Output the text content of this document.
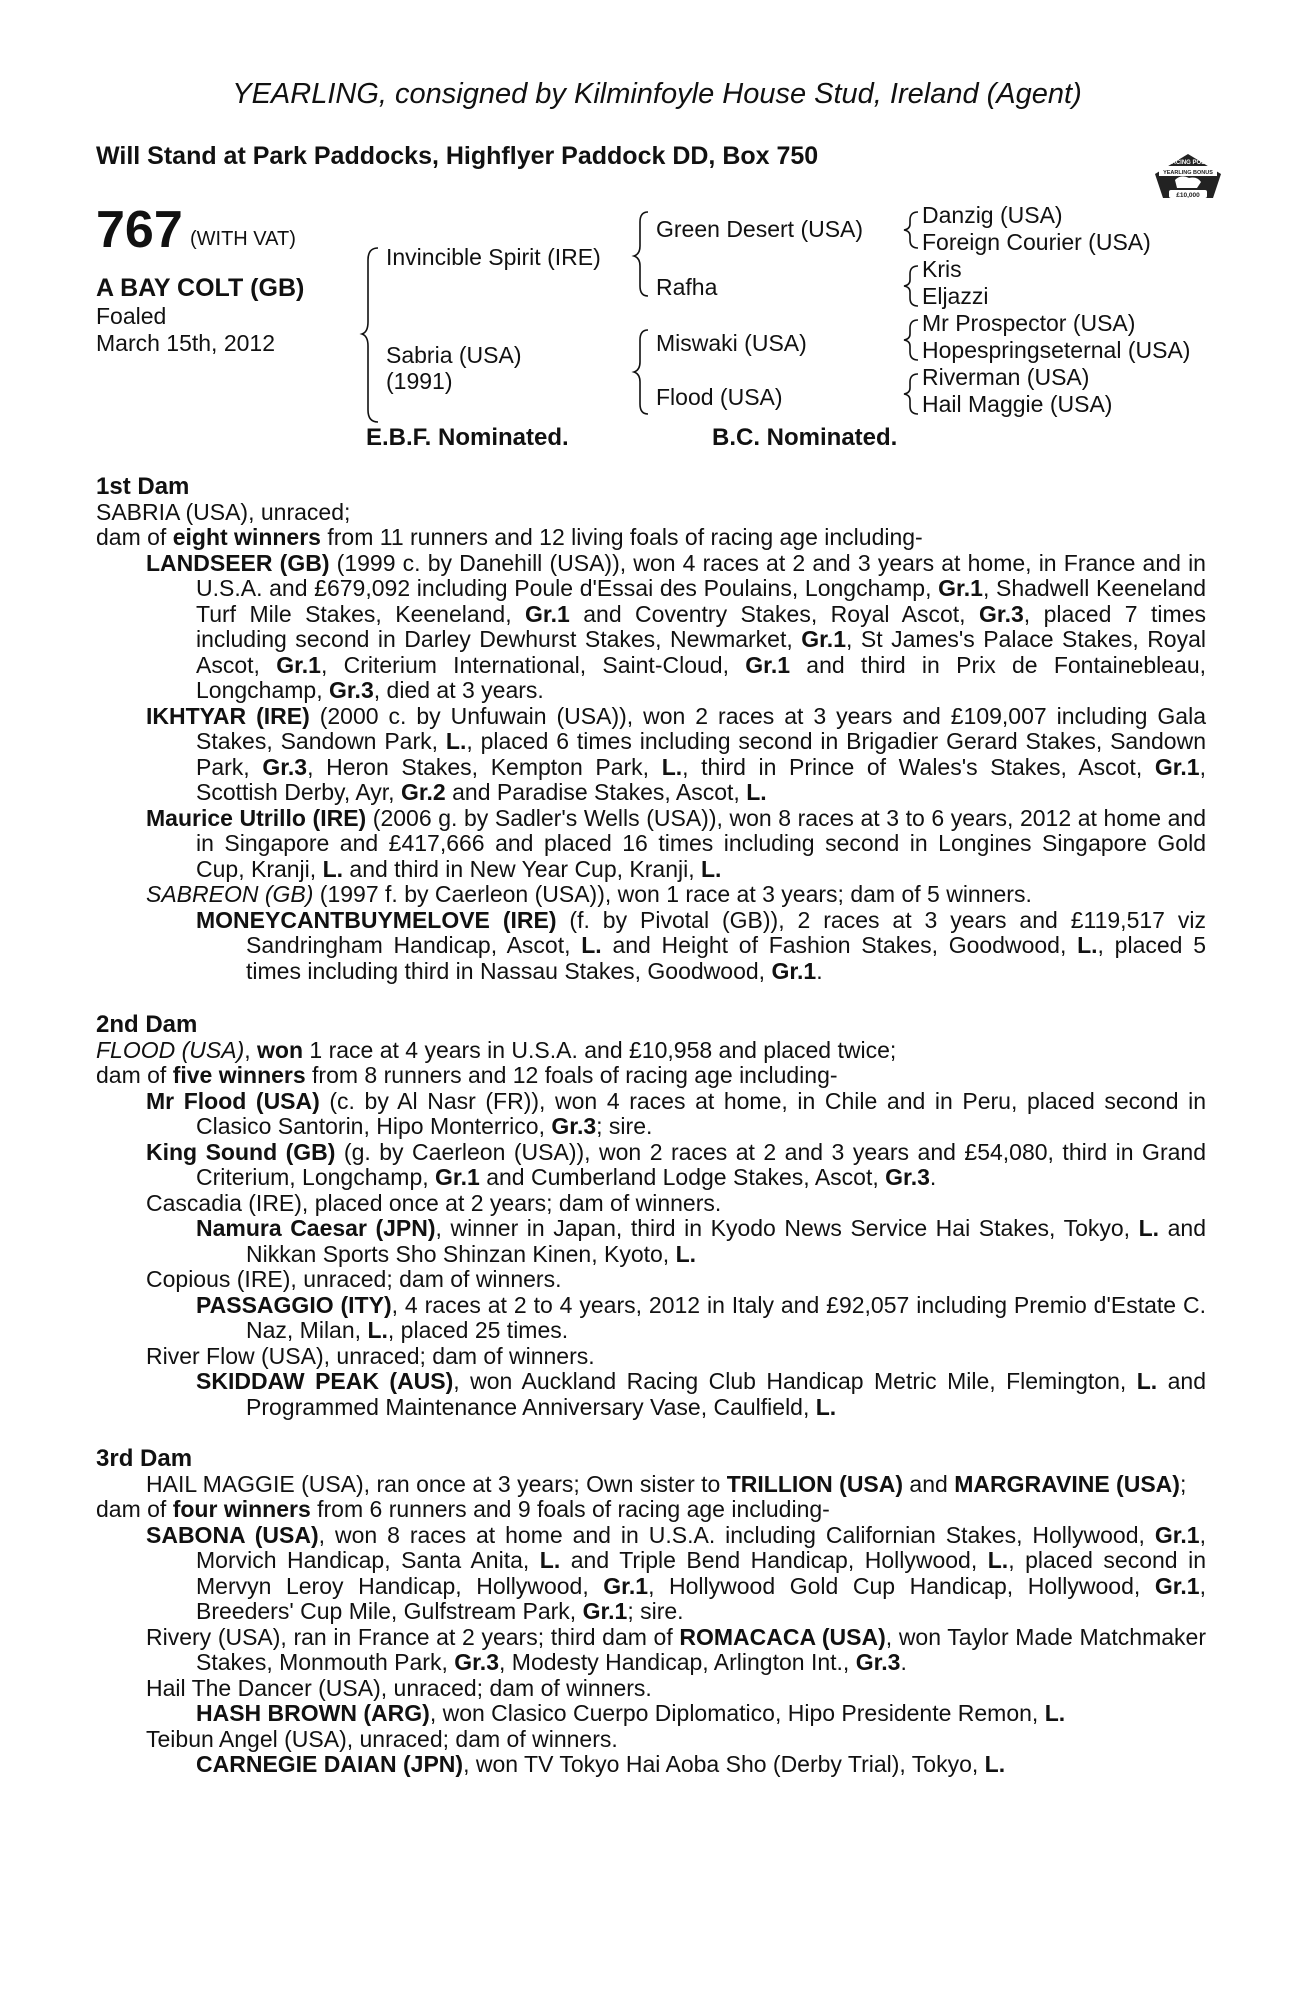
YEARLING, consigned by Kilminfoyle House Stud, Ireland (Agent)
Will Stand at Park Paddocks, Highflyer Paddock DD, Box 750	RACING POST
YEARLING BONUS
£10,000
767 (WITH VAT)
A BAY COLT (GB)
Foaled
March 15th, 2012
Invincible Spirit (IRE)
Sabria (USA)
(1991)
Green Desert (USA)
Rafha
Miswaki (USA)
Flood (USA)
Danzig (USA)
Foreign Courier (USA)
Kris
Eljazzi
Mr Prospector (USA)
Hopespringseternal (USA)
Riverman (USA)
Hail Maggie (USA)
E.B.F. Nominated.	B.C. Nominated.

1st Dam

SABRIA (USA), unraced;

dam of eight winners from 11 runners and 12 living foals of racing age including-

LANDSEER (GB) (1999 c. by Danehill (USA)), won 4 races at 2 and 3 years at home, in France and in U.S.A. and £679,092 including Poule d'Essai des Poulains, Longchamp, Gr.1, Shadwell Keeneland Turf Mile Stakes, Keeneland, Gr.1 and Coventry Stakes, Royal Ascot, Gr.3, placed 7 times including second in Darley Dewhurst Stakes, Newmarket, Gr.1, St James's Palace Stakes, Royal Ascot, Gr.1, Criterium International, Saint-Cloud, Gr.1 and third in Prix de Fontainebleau, Longchamp, Gr.3, died at 3 years.

IKHTYAR (IRE) (2000 c. by Unfuwain (USA)), won 2 races at 3 years and £109,007 including Gala Stakes, Sandown Park, L., placed 6 times including second in Brigadier Gerard Stakes, Sandown Park, Gr.3, Heron Stakes, Kempton Park, L., third in Prince of Wales's Stakes, Ascot, Gr.1, Scottish Derby, Ayr, Gr.2 and Paradise Stakes, Ascot, L.

Maurice Utrillo (IRE) (2006 g. by Sadler's Wells (USA)), won 8 races at 3 to 6 years, 2012 at home and in Singapore and £417,666 and placed 16 times including second in Longines Singapore Gold Cup, Kranji, L. and third in New Year Cup, Kranji, L.

SABREON (GB) (1997 f. by Caerleon (USA)), won 1 race at 3 years; dam of 5 winners.

MONEYCANTBUYMELOVE (IRE) (f. by Pivotal (GB)), 2 races at 3 years and £119,517 viz Sandringham Handicap, Ascot, L. and Height of Fashion Stakes, Goodwood, L., placed 5 times including third in Nassau Stakes, Goodwood, Gr.1.

2nd Dam

FLOOD (USA), won 1 race at 4 years in U.S.A. and £10,958 and placed twice;

dam of five winners from 8 runners and 12 foals of racing age including-

Mr Flood (USA) (c. by Al Nasr (FR)), won 4 races at home, in Chile and in Peru, placed second in Clasico Santorin, Hipo Monterrico, Gr.3; sire.

King Sound (GB) (g. by Caerleon (USA)), won 2 races at 2 and 3 years and £54,080, third in Grand Criterium, Longchamp, Gr.1 and Cumberland Lodge Stakes, Ascot, Gr.3.

Cascadia (IRE), placed once at 2 years; dam of winners.

Namura Caesar (JPN), winner in Japan, third in Kyodo News Service Hai Stakes, Tokyo, L. and Nikkan Sports Sho Shinzan Kinen, Kyoto, L.

Copious (IRE), unraced; dam of winners.

PASSAGGIO (ITY), 4 races at 2 to 4 years, 2012 in Italy and £92,057 including Premio d'Estate C. Naz, Milan, L., placed 25 times.

River Flow (USA), unraced; dam of winners.

SKIDDAW PEAK (AUS), won Auckland Racing Club Handicap Metric Mile, Flemington, L. and Programmed Maintenance Anniversary Vase, Caulfield, L.

3rd Dam

HAIL MAGGIE (USA), ran once at 3 years; Own sister to TRILLION (USA) and MARGRAVINE (USA);

dam of four winners from 6 runners and 9 foals of racing age including-

SABONA (USA), won 8 races at home and in U.S.A. including Californian Stakes, Hollywood, Gr.1, Morvich Handicap, Santa Anita, L. and Triple Bend Handicap, Hollywood, L., placed second in Mervyn Leroy Handicap, Hollywood, Gr.1, Hollywood Gold Cup Handicap, Hollywood, Gr.1, Breeders' Cup Mile, Gulfstream Park, Gr.1; sire.

Rivery (USA), ran in France at 2 years; third dam of ROMACACA (USA), won Taylor Made Matchmaker Stakes, Monmouth Park, Gr.3, Modesty Handicap, Arlington Int., Gr.3.

Hail The Dancer (USA), unraced; dam of winners.

HASH BROWN (ARG), won Clasico Cuerpo Diplomatico, Hipo Presidente Remon, L.

Teibun Angel (USA), unraced; dam of winners.

CARNEGIE DAIAN (JPN), won TV Tokyo Hai Aoba Sho (Derby Trial), Tokyo, L.
